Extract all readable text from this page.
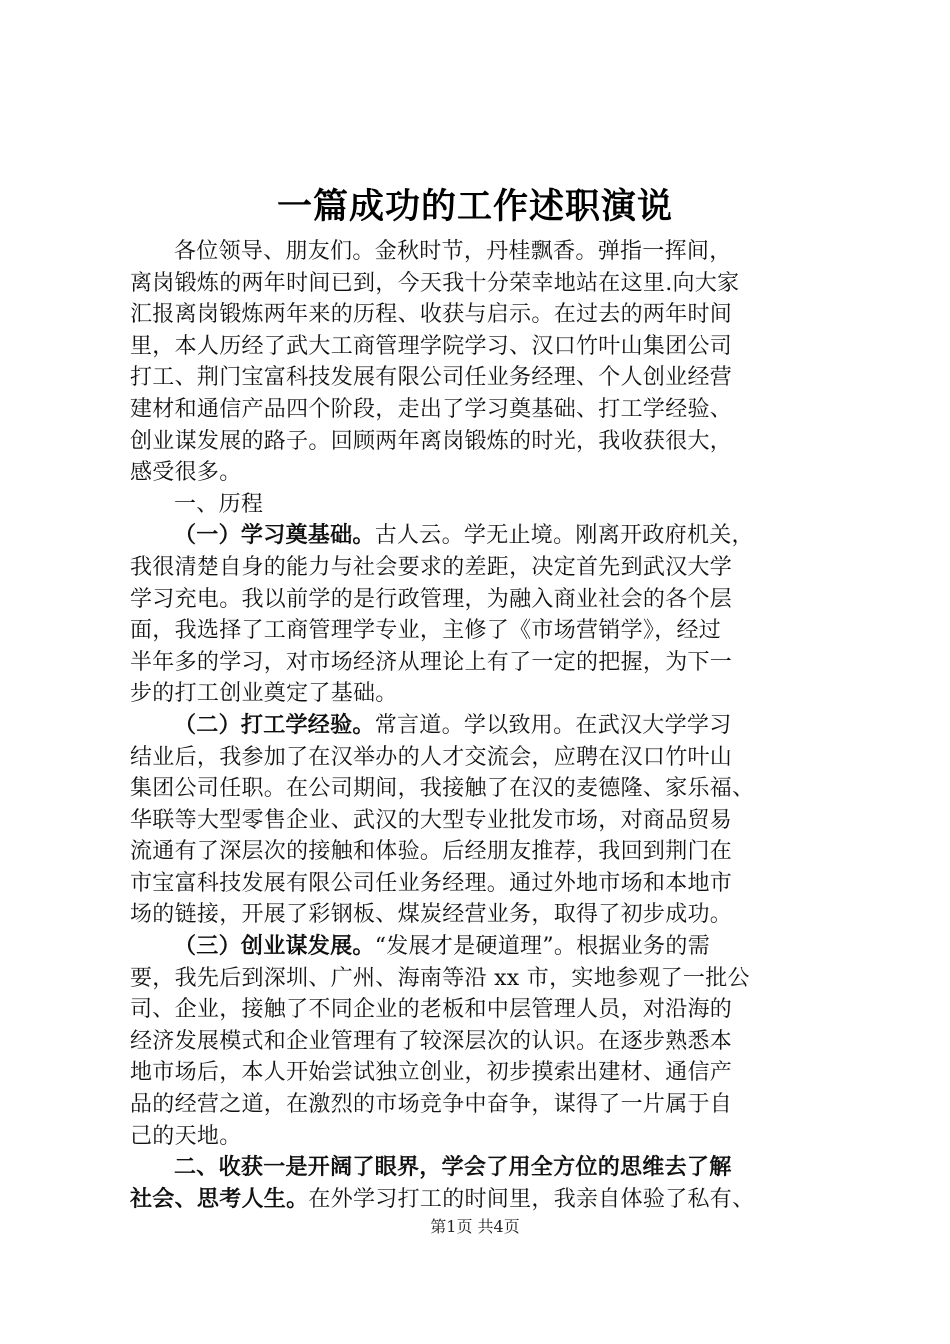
一篇成功的工作述职演说

各位领导、朋友们。金秋时节，丹桂飘香。弹指一挥间，

离岗锻炼的两年时间已到，今天我十分荣幸地站在这里.向大家

汇报离岗锻炼两年来的历程、收获与启示。在过去的两年时间

里，本人历经了武大工商管理学院学习、汉口竹叶山集团公司

打工、荆门宝富科技发展有限公司任业务经理、个人创业经营

建材和通信产品四个阶段，走出了学习奠基础、打工学经验、

创业谋发展的路子。回顾两年离岗锻炼的时光，我收获很大，

感受很多。

一、历程

（一）学习奠基础。古人云。学无止境。刚离开政府机关，

我很清楚自身的能力与社会要求的差距，决定首先到武汉大学

学习充电。我以前学的是行政管理，为融入商业社会的各个层

面，我选择了工商管理学专业，主修了《市场营销学》，经过

半年多的学习，对市场经济从理论上有了一定的把握，为下一

步的打工创业奠定了基础。

（二）打工学经验。常言道。学以致用。在武汉大学学习

结业后，我参加了在汉举办的人才交流会，应聘在汉口竹叶山

集团公司任职。在公司期间，我接触了在汉的麦德隆、家乐福、

华联等大型零售企业、武汉的大型专业批发市场，对商品贸易

流通有了深层次的接触和体验。后经朋友推荐，我回到荆门在

市宝富科技发展有限公司任业务经理。通过外地市场和本地市

场的链接，开展了彩钢板、煤炭经营业务，取得了初步成功。

（三）创业谋发展。“发展才是硬道理”。根据业务的需

要，我先后到深圳、广州、海南等沿 xx 市，实地参观了一批公

司、企业，接触了不同企业的老板和中层管理人员，对沿海的

经济发展模式和企业管理有了较深层次的认识。在逐步熟悉本

地市场后，本人开始尝试独立创业，初步摸索出建材、通信产

品的经营之道，在激烈的市场竞争中奋争，谋得了一片属于自

己的天地。

二、收获一是开阔了眼界，学会了用全方位的思维去了解

社会、思考人生。在外学习打工的时间里，我亲自体验了私有、

第1页 共4页
